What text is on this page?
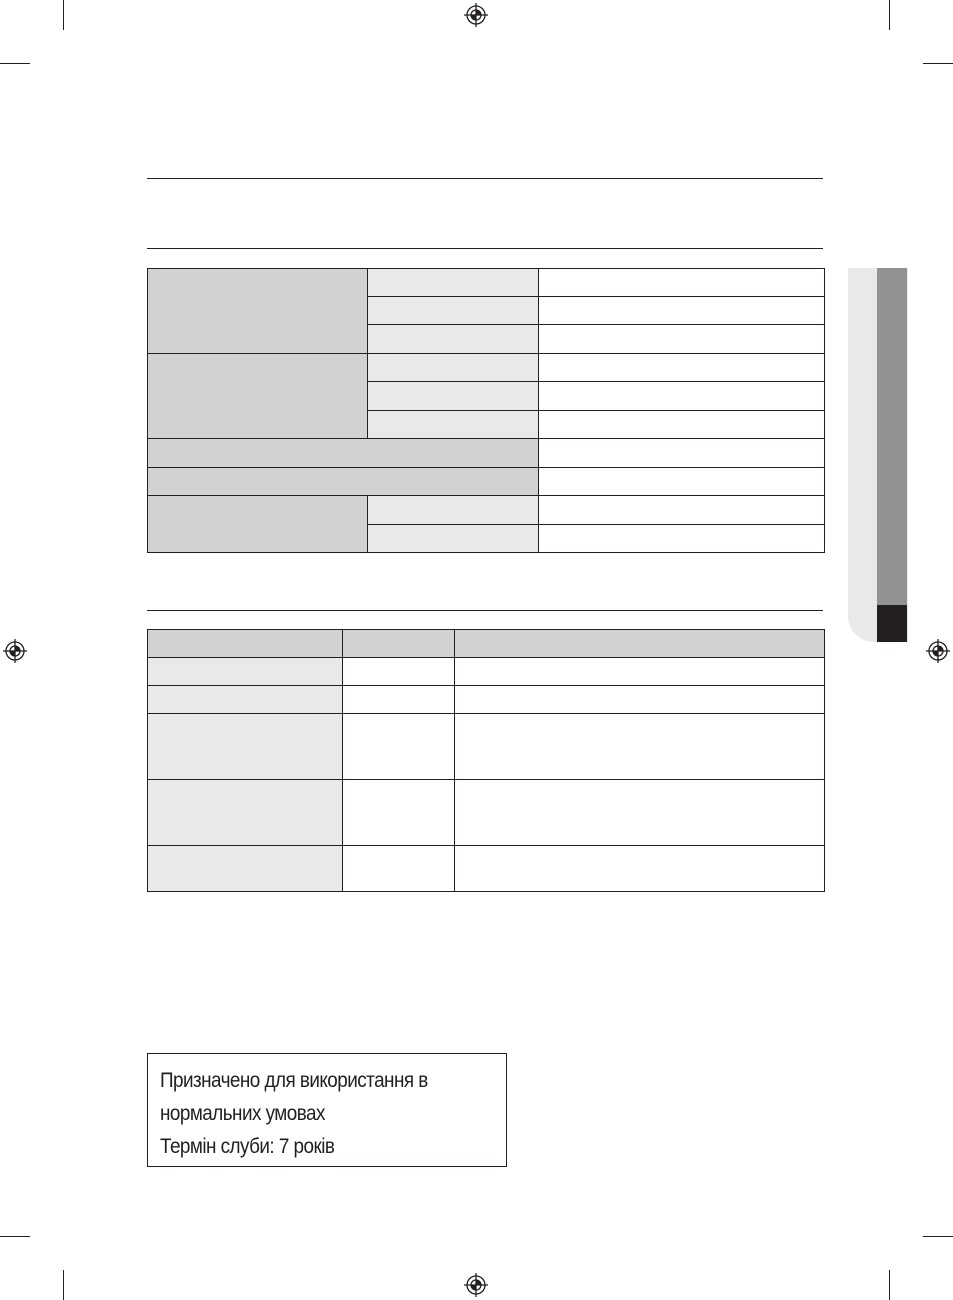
Призначено для використання в
нормальних умовах
Термін слуби: 7 років
